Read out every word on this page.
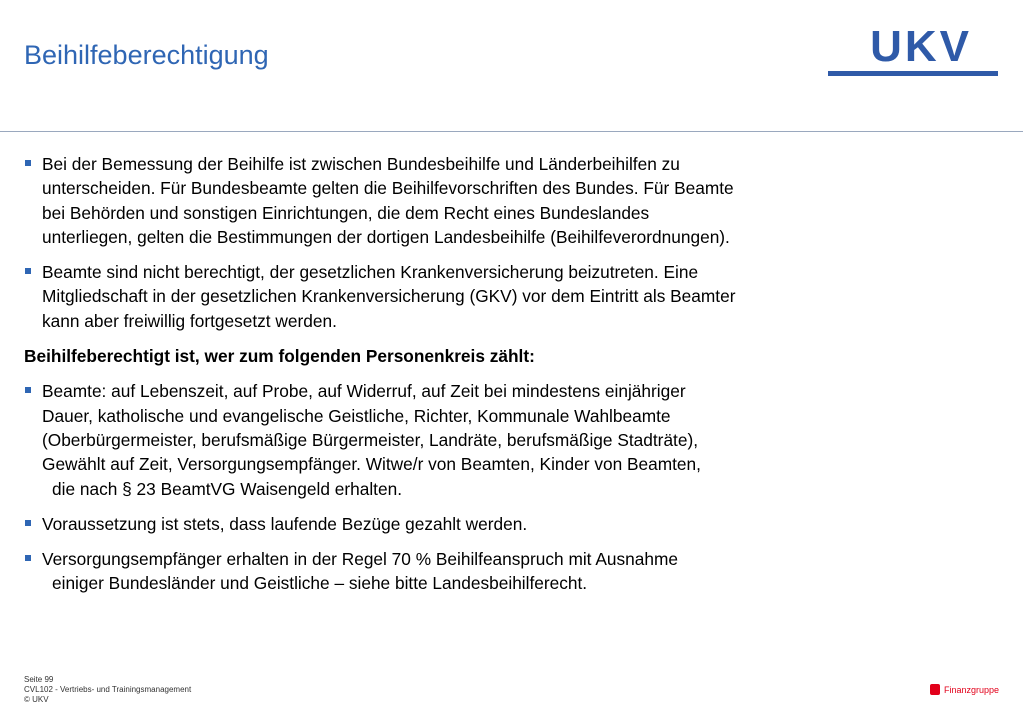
Beihilfeberechtigung	UKV
Bei der Bemessung der Beihilfe ist zwischen Bundesbeihilfe und Länderbeihilfen zu
unterscheiden. Für Bundesbeamte gelten die Beihilfevorschriften des Bundes. Für Beamte
bei Behörden und sonstigen Einrichtungen, die dem Recht eines Bundeslandes
unterliegen, gelten die Bestimmungen der dortigen Landesbeihilfe (Beihilfeverordnungen).
Beamte sind nicht berechtigt, der gesetzlichen Krankenversicherung beizutreten. Eine
Mitgliedschaft in der gesetzlichen Krankenversicherung (GKV) vor dem Eintritt als Beamter
kann aber freiwillig fortgesetzt werden.
Beihilfeberechtigt ist, wer zum folgenden Personenkreis zählt:
Beamte: auf Lebenszeit, auf Probe, auf Widerruf, auf Zeit bei mindestens einjähriger
Dauer, katholische und evangelische Geistliche, Richter, Kommunale Wahlbeamte
(Oberbürgermeister, berufsmäßige Bürgermeister, Landräte, berufsmäßige Stadträte),
Gewählt auf Zeit, Versorgungsempfänger. Witwe/r von Beamten, Kinder von Beamten,
die nach § 23 BeamtVG Waisengeld erhalten.
Voraussetzung ist stets, dass laufende Bezüge gezahlt werden.
Versorgungsempfänger erhalten in der Regel 70 % Beihilfeanspruch mit Ausnahme
einiger Bundesländer und Geistliche – siehe bitte Landesbeihilferecht.
Seite 99
CVL102 - Vertriebs- und Trainingsmanagement
© UKV
Finanzgruppe
